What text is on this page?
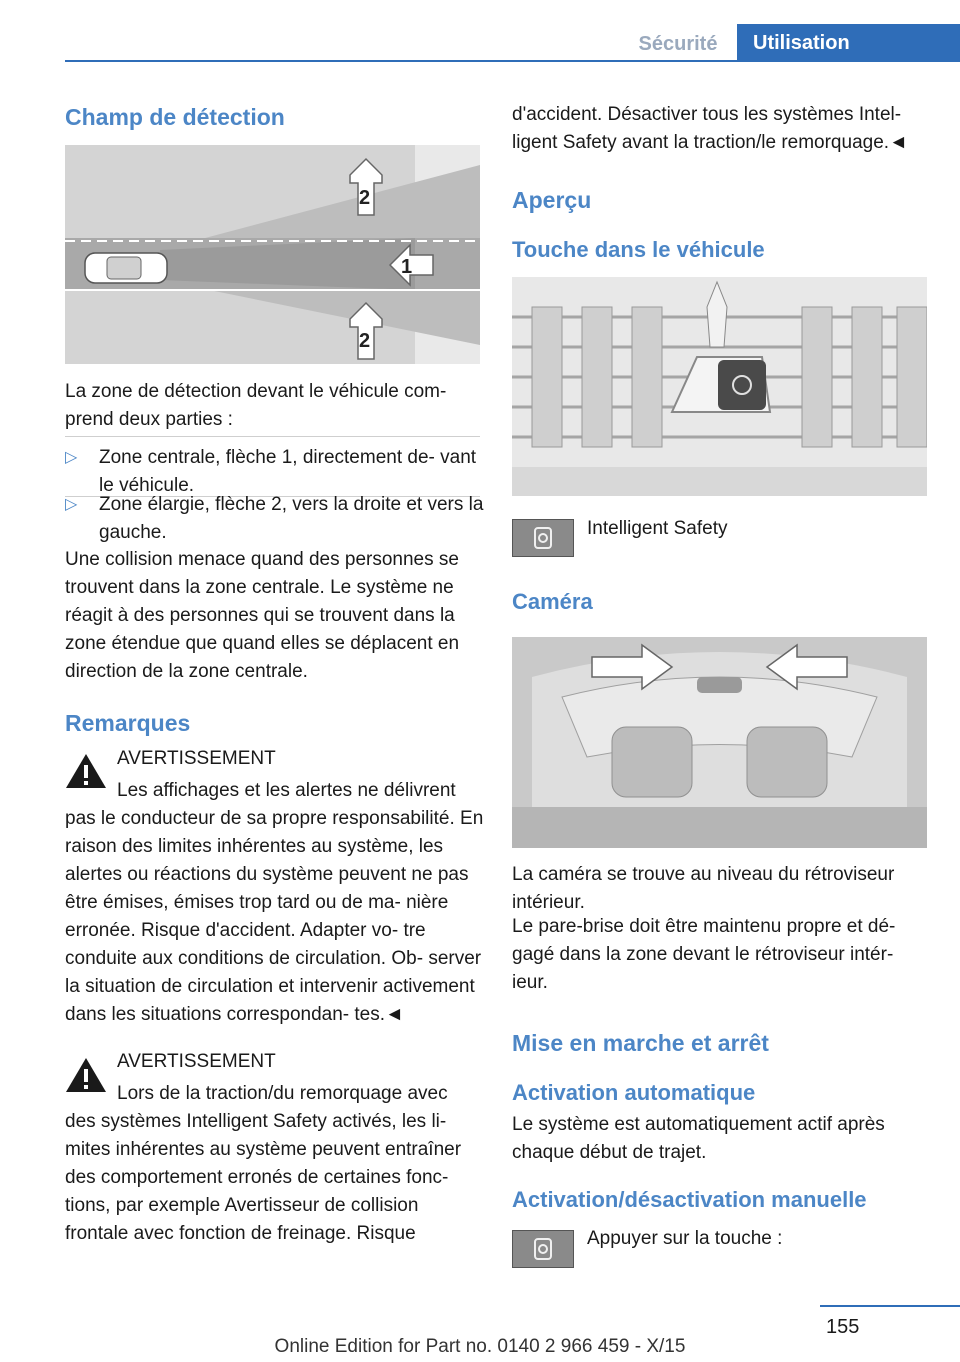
Sécurité	Utilisation
Champ de détection
2
1
2

La zone de détection devant le véhicule com- prend deux parties :

▷ Zone centrale, flèche 1, directement de- vant le véhicule.
▷ Zone élargie, flèche 2, vers la droite et vers la gauche.

Une collision menace quand des personnes se trouvent dans la zone centrale. Le système ne réagit à des personnes qui se trouvent dans la zone étendue que quand elles se déplacent en direction de la zone centrale.

Remarques

AVERTISSEMENT

Les affichages et les alertes ne délivrent

pas le conducteur de sa propre responsabilité. En raison des limites inhérentes au système, les alertes ou réactions du système peuvent ne pas être émises, émises trop tard ou de ma- nière erronée. Risque d'accident. Adapter vo- tre conduite aux conditions de circulation. Ob- server la situation de circulation et intervenir activement dans les situations correspondan- tes.◄

AVERTISSEMENT

Lors de la traction/du remorquage avec

des systèmes Intelligent Safety activés, les li- mites inhérentes au système peuvent entraîner des comportement erronés de certaines fonc- tions, par exemple Avertisseur de collision frontale avec fonction de freinage. Risque

d'accident. Désactiver tous les systèmes Intel- ligent Safety avant la traction/le remorquage.◄

Aperçu
Touche dans le véhicule

Intelligent Safety

Caméra

La caméra se trouve au niveau du rétroviseur intérieur.

Le pare-brise doit être maintenu propre et dé- gagé dans la zone devant le rétroviseur intér- ieur.

Mise en marche et arrêt
Activation automatique

Le système est automatiquement actif après chaque début de trajet.

Activation/désactivation manuelle

Appuyer sur la touche :

155
Online Edition for Part no. 0140 2 966 459 - X/15
